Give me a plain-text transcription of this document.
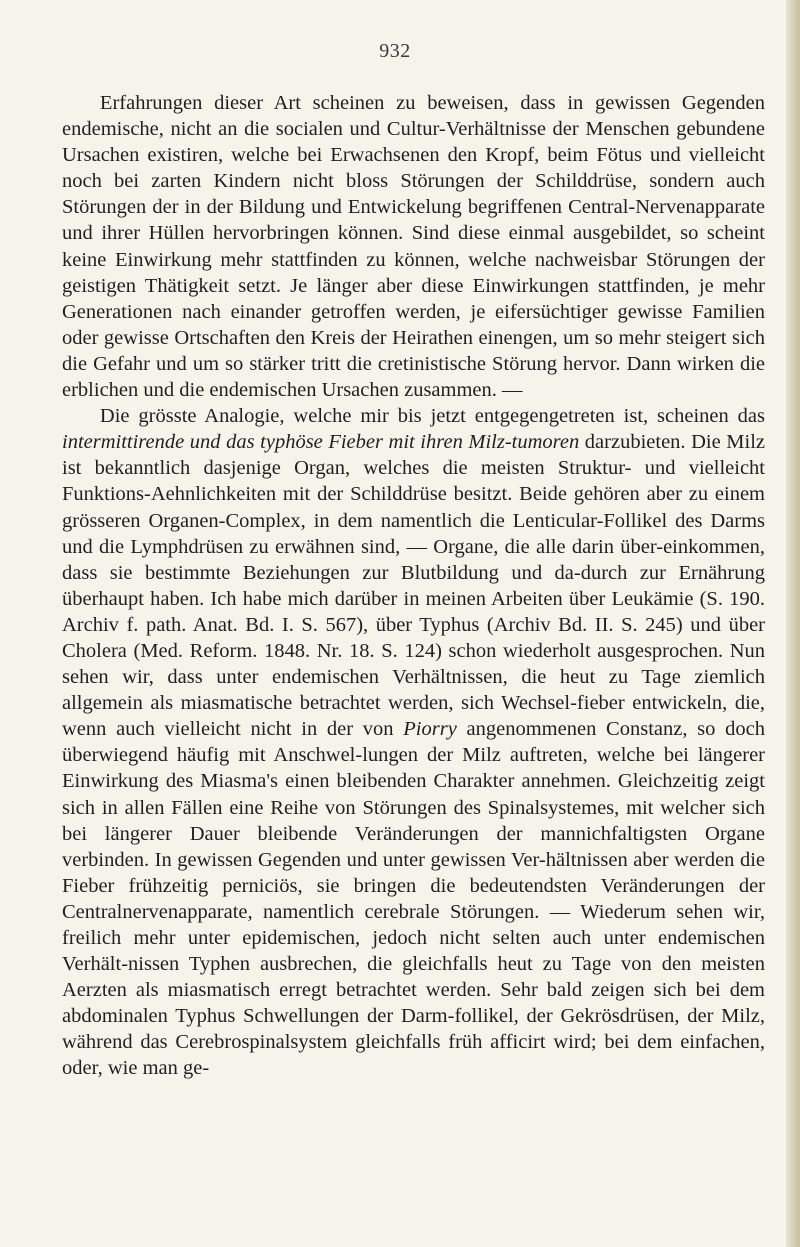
932

Erfahrungen dieser Art scheinen zu beweisen, dass in gewissen Gegenden endemische, nicht an die socialen und Cultur-Verhältnisse der Menschen gebundene Ursachen existiren, welche bei Erwachsenen den Kropf, beim Fötus und vielleicht noch bei zarten Kindern nicht bloss Störungen der Schilddrüse, sondern auch Störungen der in der Bildung und Entwickelung begriffenen Central-Nervenapparate und ihrer Hüllen hervorbringen können. Sind diese einmal ausgebildet, so scheint keine Einwirkung mehr stattfinden zu können, welche nachweisbar Störungen der geistigen Thätigkeit setzt. Je länger aber diese Einwirkungen stattfinden, je mehr Generationen nach einander getroffen werden, je eifersüchtiger gewisse Familien oder gewisse Ortschaften den Kreis der Heirathen einengen, um so mehr steigert sich die Gefahr und um so stärker tritt die cretinistische Störung hervor. Dann wirken die erblichen und die endemischen Ursachen zusammen. —

Die grösste Analogie, welche mir bis jetzt entgegengetreten ist, scheinen das intermittirende und das typhöse Fieber mit ihren Milz-tumoren darzubieten. Die Milz ist bekanntlich dasjenige Organ, welches die meisten Struktur- und vielleicht Funktions-Aehnlichkeiten mit der Schilddrüse besitzt. Beide gehören aber zu einem grösseren Organen-Complex, in dem namentlich die Lenticular-Follikel des Darms und die Lymphdrüsen zu erwähnen sind, — Organe, die alle darin über-einkommen, dass sie bestimmte Beziehungen zur Blutbildung und da-durch zur Ernährung überhaupt haben. Ich habe mich darüber in meinen Arbeiten über Leukämie (S. 190. Archiv f. path. Anat. Bd. I. S. 567), über Typhus (Archiv Bd. II. S. 245) und über Cholera (Med. Reform. 1848. Nr. 18. S. 124) schon wiederholt ausgesprochen. Nun sehen wir, dass unter endemischen Verhältnissen, die heut zu Tage ziemlich allgemein als miasmatische betrachtet werden, sich Wechsel-fieber entwickeln, die, wenn auch vielleicht nicht in der von Piorry angenommenen Constanz, so doch überwiegend häufig mit Anschwel-lungen der Milz auftreten, welche bei längerer Einwirkung des Miasma's einen bleibenden Charakter annehmen. Gleichzeitig zeigt sich in allen Fällen eine Reihe von Störungen des Spinalsystemes, mit welcher sich bei längerer Dauer bleibende Veränderungen der mannichfaltigsten Organe verbinden. In gewissen Gegenden und unter gewissen Ver-hältnissen aber werden die Fieber frühzeitig perniciös, sie bringen die bedeutendsten Veränderungen der Centralnervenapparate, namentlich cerebrale Störungen. — Wiederum sehen wir, freilich mehr unter epidemischen, jedoch nicht selten auch unter endemischen Verhält-nissen Typhen ausbrechen, die gleichfalls heut zu Tage von den meisten Aerzten als miasmatisch erregt betrachtet werden. Sehr bald zeigen sich bei dem abdominalen Typhus Schwellungen der Darm-follikel, der Gekrösdrüsen, der Milz, während das Cerebrospinalsystem gleichfalls früh afficirt wird; bei dem einfachen, oder, wie man ge-
